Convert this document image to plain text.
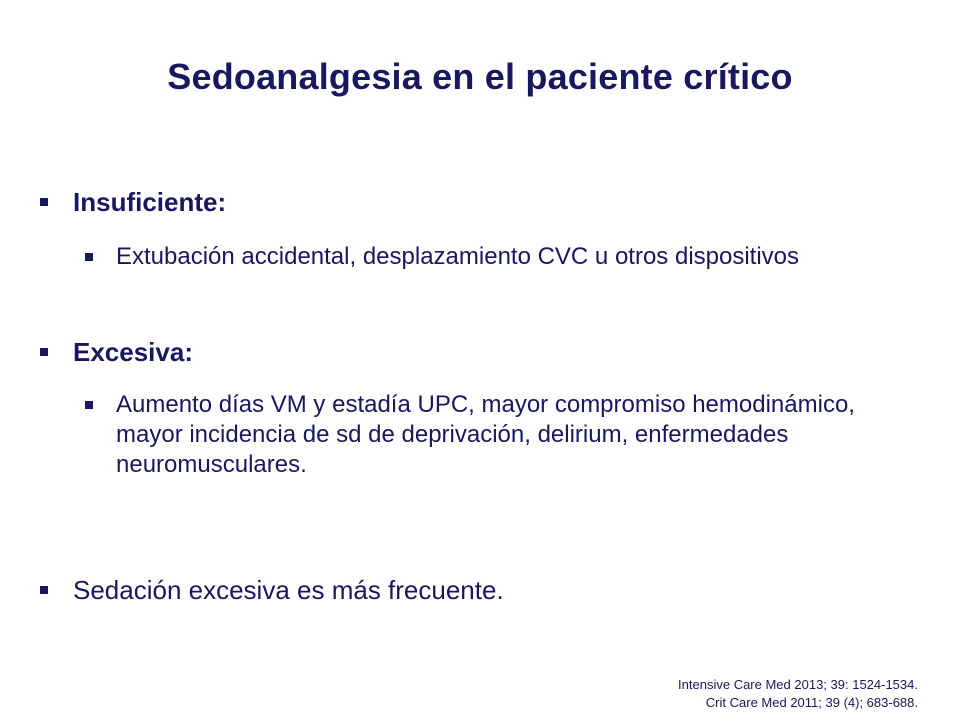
Sedoanalgesia en el paciente crítico
Insuficiente:
Extubación accidental, desplazamiento CVC u otros dispositivos
Excesiva:
Aumento días VM y estadía UPC, mayor compromiso hemodinámico, mayor incidencia de sd de deprivación, delirium, enfermedades neuromusculares.
Sedación excesiva es más frecuente.
Intensive Care Med 2013; 39: 1524-1534.
Crit Care Med 2011; 39 (4); 683-688.
